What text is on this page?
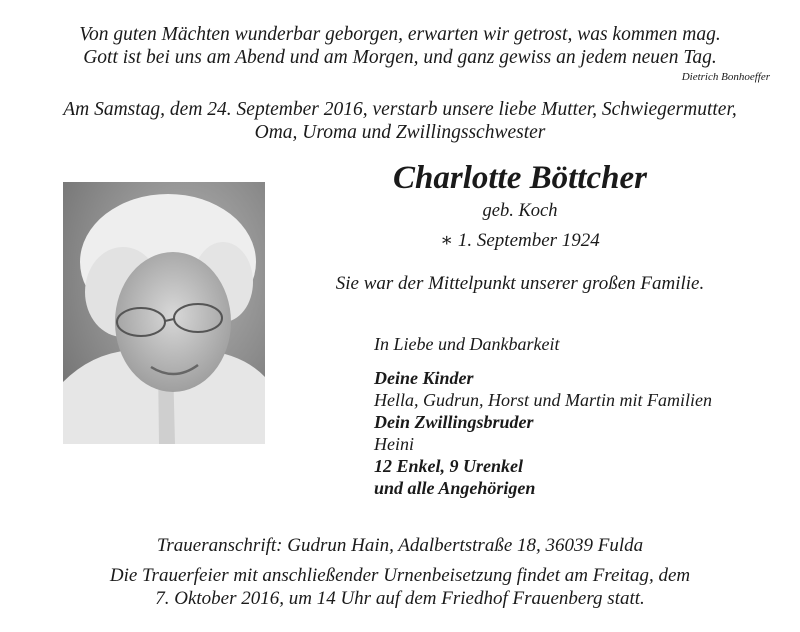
Von guten Mächten wunderbar geborgen, erwarten wir getrost, was kommen mag.
Gott ist bei uns am Abend und am Morgen, und ganz gewiss an jedem neuen Tag.
Dietrich Bonhoeffer
Am Samstag, dem 24. September 2016, verstarb unsere liebe Mutter, Schwiegermutter,
Oma, Uroma und Zwillingsschwester
Charlotte Böttcher
geb. Koch
∗ 1. September 1924
Sie war der Mittelpunkt unserer großen Familie.
In Liebe und Dankbarkeit
Deine Kinder
Hella, Gudrun, Horst und Martin mit Familien
Dein Zwillingsbruder
Heini
12 Enkel, 9 Urenkel
und alle Angehörigen
Traueranschrift: Gudrun Hain, Adalbertstraße 18, 36039 Fulda
Die Trauerfeier mit anschließender Urnenbeisetzung findet am Freitag, dem
7. Oktober 2016, um 14 Uhr auf dem Friedhof Frauenberg statt.
